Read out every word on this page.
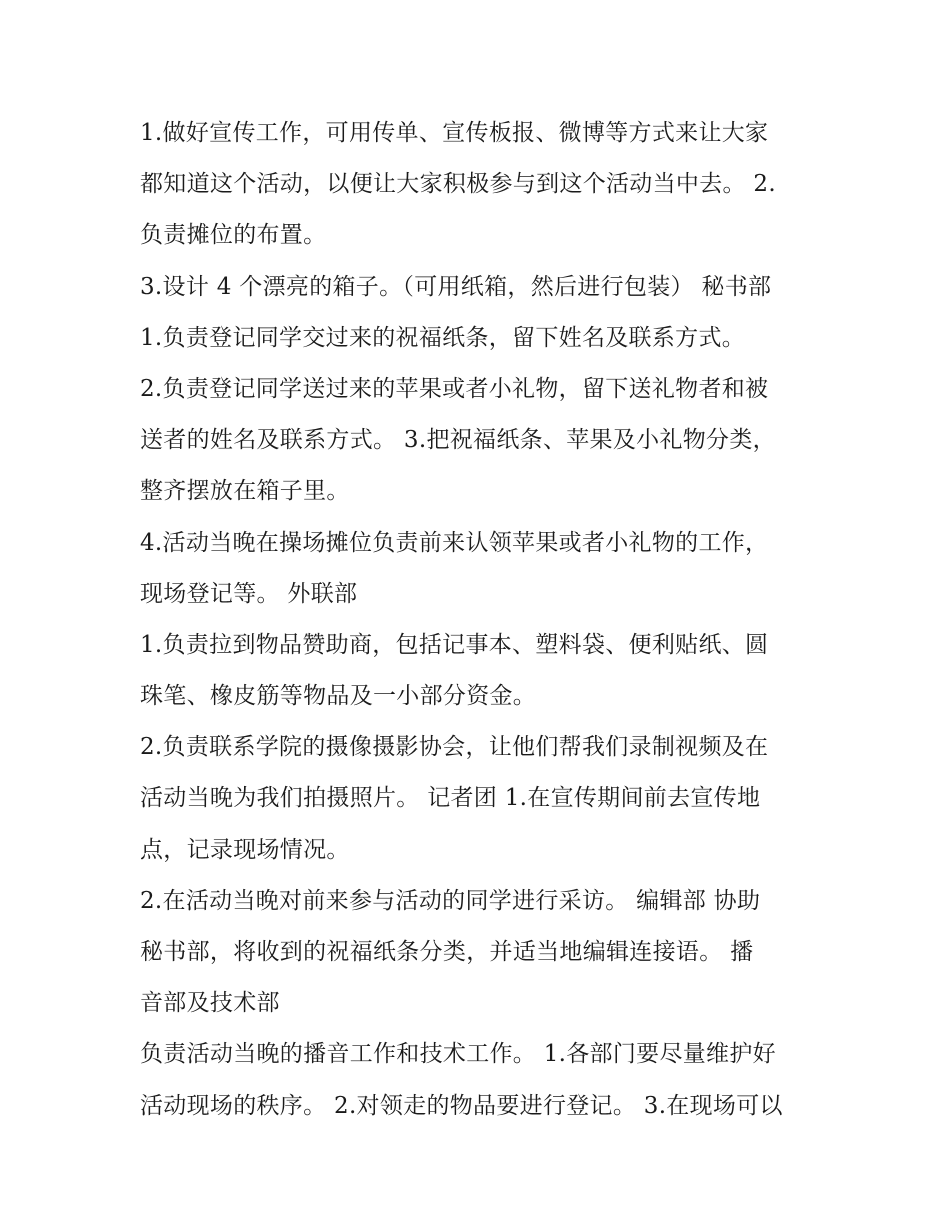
1.做好宣传工作，可用传单、宣传板报、微博等方式来让大家
都知道这个活动，以便让大家积极参与到这个活动当中去。 2.
负责摊位的布置。
3.设计 4 个漂亮的箱子。（可用纸箱，然后进行包装） 秘书部
1.负责登记同学交过来的祝福纸条，留下姓名及联系方式。
2.负责登记同学送过来的苹果或者小礼物，留下送礼物者和被
送者的姓名及联系方式。 3.把祝福纸条、苹果及小礼物分类，
整齐摆放在箱子里。
4.活动当晚在操场摊位负责前来认领苹果或者小礼物的工作，
现场登记等。 外联部
1.负责拉到物品赞助商，包括记事本、塑料袋、便利贴纸、圆
珠笔、橡皮筋等物品及一小部分资金。
2.负责联系学院的摄像摄影协会，让他们帮我们录制视频及在
活动当晚为我们拍摄照片。 记者团 1.在宣传期间前去宣传地
点，记录现场情况。
2.在活动当晚对前来参与活动的同学进行采访。 编辑部 协助
秘书部，将收到的祝福纸条分类，并适当地编辑连接语。 播
音部及技术部
负责活动当晚的播音工作和技术工作。 1.各部门要尽量维护好
活动现场的秩序。 2.对领走的物品要进行登记。 3.在现场可以
